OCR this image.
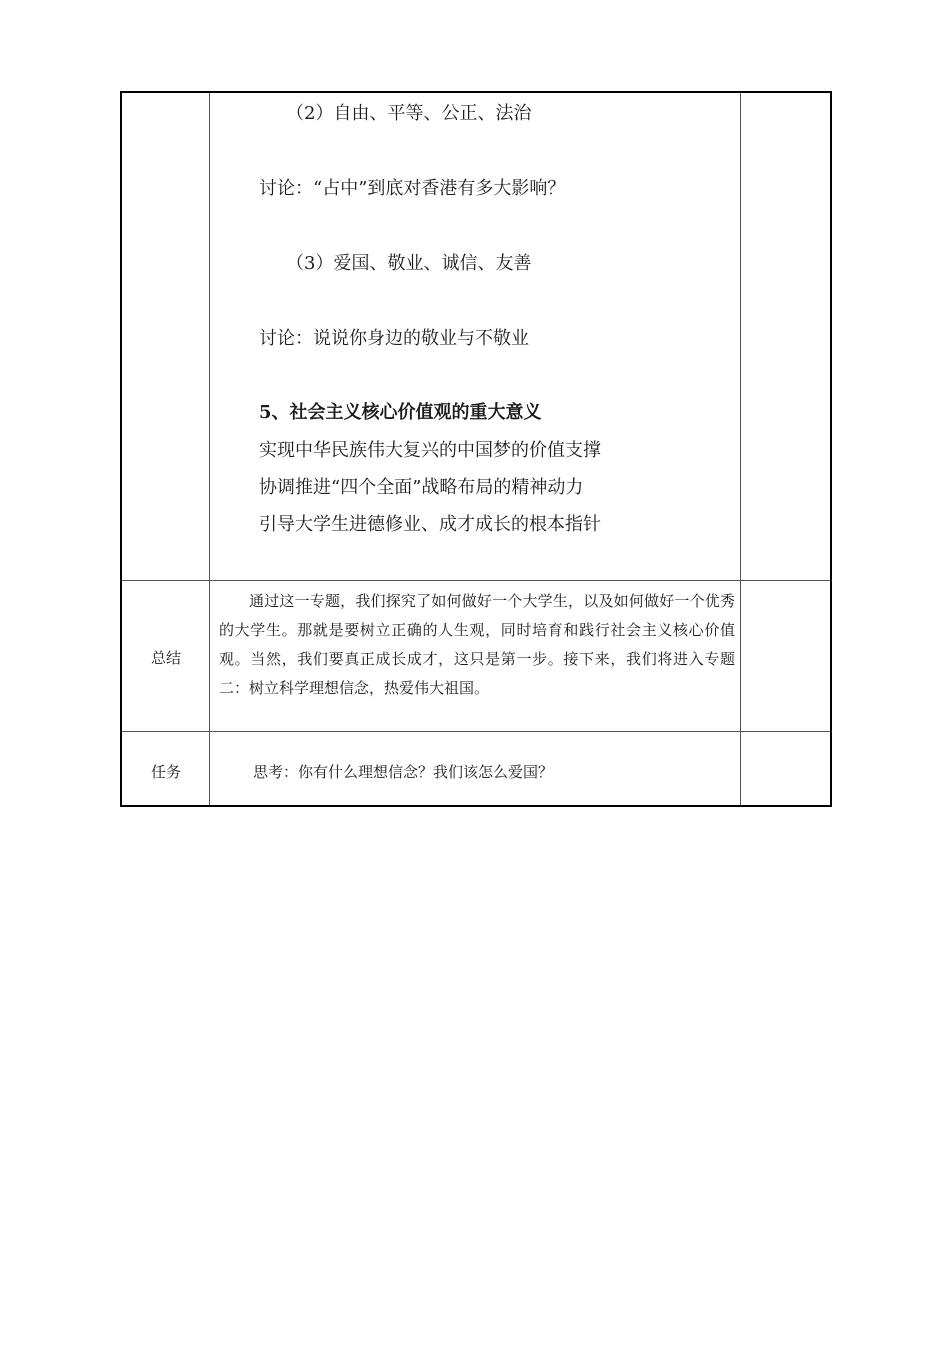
（2）自由、平等、公正、法治
讨论：“占中”到底对香港有多大影响？
（3）爱国、敬业、诚信、友善
讨论：说说你身边的敬业与不敬业
5、社会主义核心价值观的重大意义
实现中华民族伟大复兴的中国梦的价值支撑
协调推进“四个全面”战略布局的精神动力
引导大学生进德修业、成才成长的根本指针
总结
通过这一专题，我们探究了如何做好一个大学生，以及如何做好一个优秀的大学生。那就是要树立正确的人生观，同时培育和践行社会主义核心价值观。当然，我们要真正成长成才，这只是第一步。接下来，我们将进入专题二：树立科学理想信念，热爱伟大祖国。
任务	思考：你有什么理想信念？我们该怎么爱国？
